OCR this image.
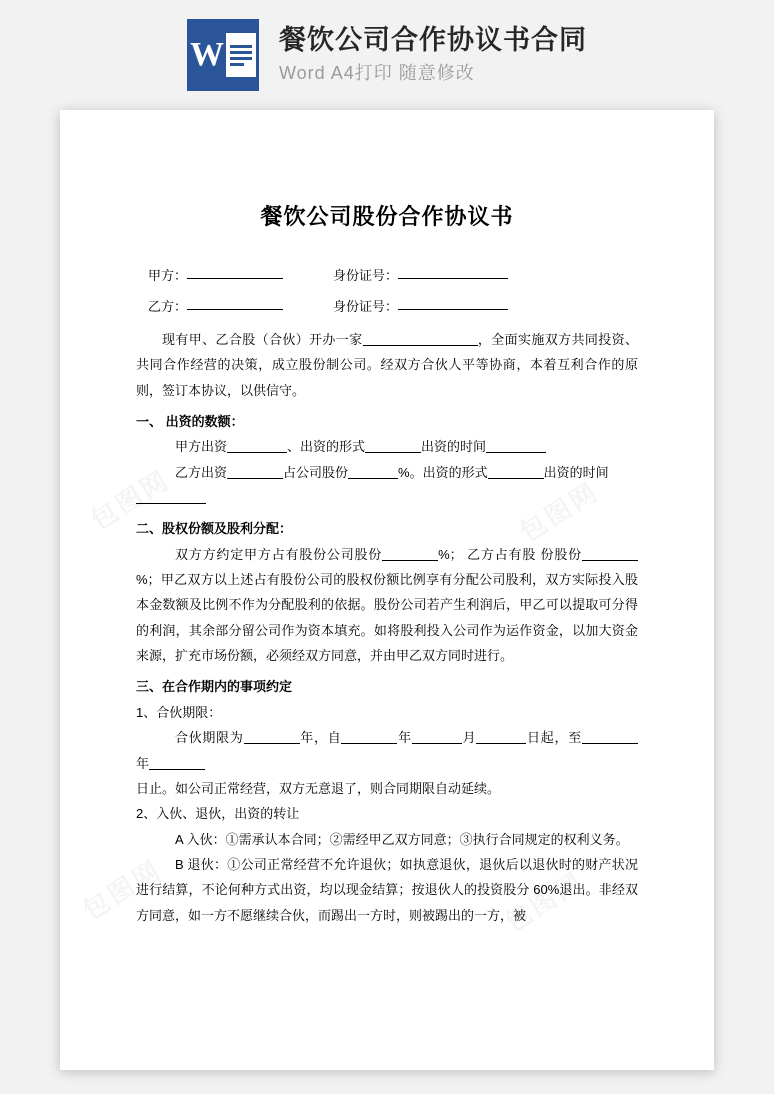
W 餐饮公司合作协议书合同
Word A4打印 随意修改
餐饮公司股份合作协议书
甲方：	身份证号：
乙方：	身份证号：

现有甲、乙合股（合伙）开办一家	，全面实施双方共同投资、共同合作经营的决策，成立股份制公司。经双方合伙人平等协商，本着互利合作的原则，签订本协议，以供信守。

一、 出资的数额：

甲方出资	、出资的形式	出资的时间

乙方出资	占公司股份	%。出资的形式	出资的时间

二、股权份额及股利分配：

双方方约定甲方占有股份公司股份	%； 乙方占有股 份股份%；甲乙双方以上述占有股份公司的股权份额比例享有分配公司股利，双方实际投入股本金数额及比例不作为分配股利的依据。股份公司若产生利润后，甲乙可以提取可分得的利润，其余部分留公司作为资本填充。如将股利投入公司作为运作资金，以加大资金来源，扩充市场份额，必须经双方同意，并由甲乙双方同时进行。

三、在合作期内的事项约定

1、合伙期限：

合伙期限为	年，自	年	月	日起，至年

日止。如公司正常经营，双方无意退了，则合同期限自动延续。

2、入伙、退伙，出资的转让

A 入伙：①需承认本合同；②需经甲乙双方同意；③执行合同规定的权利义务。

B 退伙：①公司正常经营不允许退伙；如执意退伙，退伙后以退伙时的财产状况进行结算，不论何种方式出资，均以现金结算；按退伙人的投资股分 60%退出。非经双方同意，如一方不愿继续合伙，而踢出一方时，则被踢出的一方，被
